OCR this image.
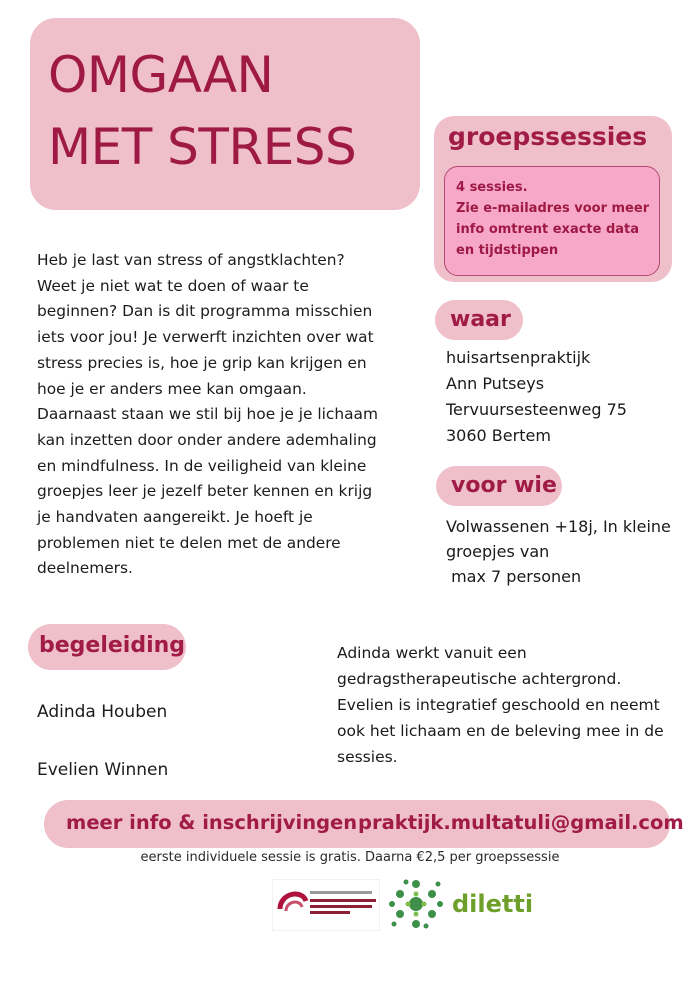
OMGAAN
MET STRESS	groepssessies

4 sessies.
Zie e-mailadres voor meer info omtrent exacte data en tijdstippen

Heb je last van stress of angstklachten? Weet je niet wat te doen of waar te beginnen? Dan is dit programma misschien iets voor jou! Je verwerft inzichten over wat stress precies is, hoe je grip kan krijgen en hoe je er anders mee kan omgaan. Daarnaast staan we stil bij hoe je je lichaam kan inzetten door onder andere ademhaling en mindfulness. In de veiligheid van kleine groepjes leer je jezelf beter kennen en krijg je handvaten aangereikt. Je hoeft je problemen niet te delen met de andere deelnemers.

waar
huisartsenpraktijk
Ann Putseys
Tervuursesteenweg 75
3060 Bertem
voor wie
Volwassenen +18j, In kleine
groepjes van
max 7 personen
begeleiding
Adinda Houben
Evelien Winnen

Adinda werkt vanuit een gedragstherapeutische achtergrond. Evelien is integratief geschoold en neemt ook het lichaam en de beleving mee in de sessies.

meer info & inschrijvingen praktijk.multatuli@gmail.com
eerste individuele sessie is gratis. Daarna €2,5 per groepssessie
diletti
